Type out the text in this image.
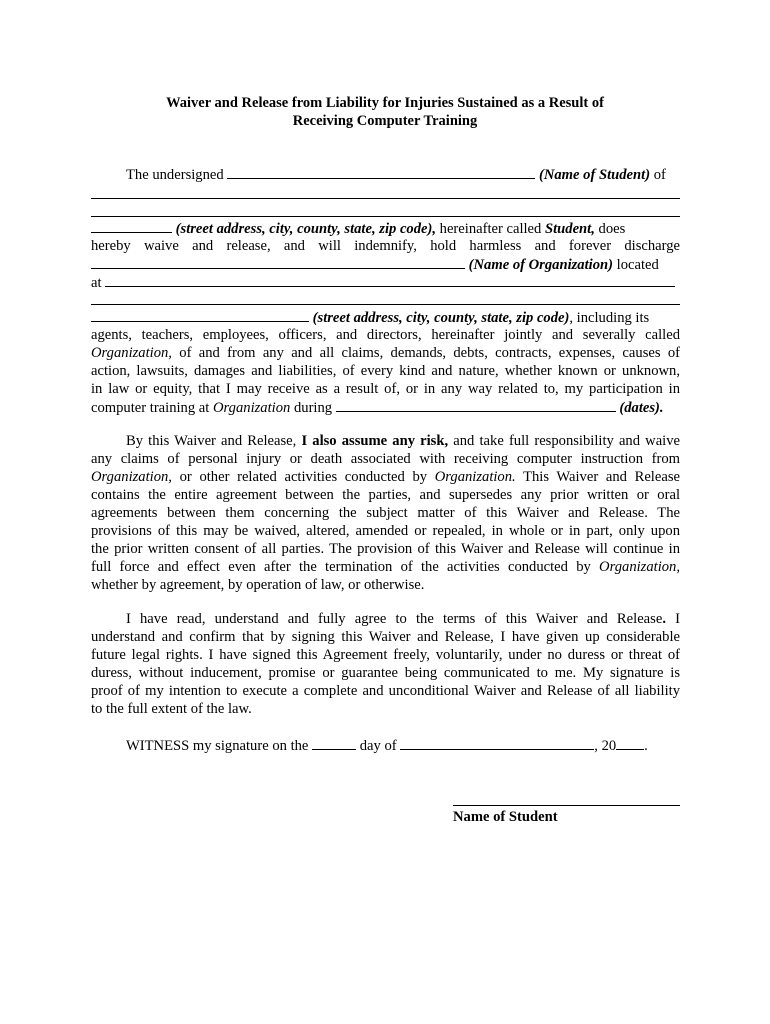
Waiver and Release from Liability for Injuries Sustained as a Result of
Receiving Computer Training
The undersigned	(Name of Student) of
(street address, city, county, state, zip code), hereinafter called Student, does
hereby waive and release, and will indemnify, hold harmless and forever discharge
(Name of Organization) located
at
(street address, city, county, state, zip code), including its
agents, teachers, employees, officers, and directors, hereinafter jointly and severally called
Organization, of and from any and all claims, demands, debts, contracts, expenses, causes of
action, lawsuits, damages and liabilities, of every kind and nature, whether known or unknown,
in law or equity, that I may receive as a result of, or in any way related to, my participation in
computer training at Organization during	(dates).
By this Waiver and Release, I also assume any risk, and take full responsibility and waive
any claims of personal injury or death associated with receiving computer instruction from
Organization, or other related activities conducted by Organization. This Waiver and Release
contains the entire agreement between the parties, and supersedes any prior written or oral
agreements between them concerning the subject matter of this Waiver and Release. The
provisions of this may be waived, altered, amended or repealed, in whole or in part, only upon
the prior written consent of all parties. The provision of this Waiver and Release will continue in
full force and effect even after the termination of the activities conducted by Organization,
whether by agreement, by operation of law, or otherwise.
I have read, understand and fully agree to the terms of this Waiver and Release. I
understand and confirm that by signing this Waiver and Release, I have given up considerable
future legal rights. I have signed this Agreement freely, voluntarily, under no duress or threat of
duress, without inducement, promise or guarantee being communicated to me. My signature is
proof of my intention to execute a complete and unconditional Waiver and Release of all liability
to the full extent of the law.
WITNESS my signature on the	day of	, 20 .
Name of Student
